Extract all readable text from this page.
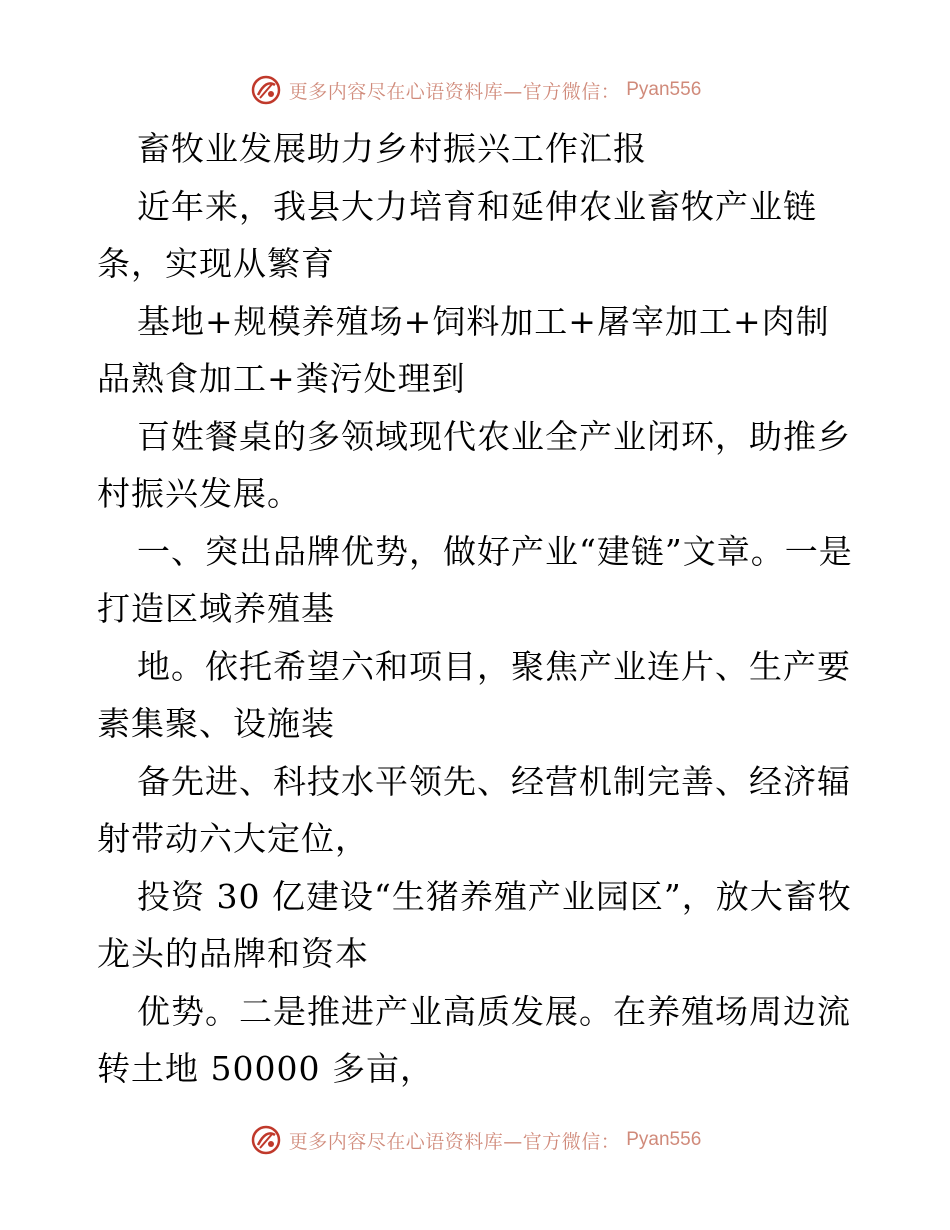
更多内容尽在心语资料库—官方微信： Pyan556

畜牧业发展助力乡村振兴工作汇报

近年来，我县大力培育和延伸农业畜牧产业链条，实现从繁育

基地+规模养殖场+饲料加工+屠宰加工+肉制品熟食加工+粪污处理到

百姓餐桌的多领域现代农业全产业闭环，助推乡村振兴发展。

一、突出品牌优势，做好产业“建链”文章。一是打造区域养殖基

地。依托希望六和项目，聚焦产业连片、生产要素集聚、设施装

备先进、科技水平领先、经营机制完善、经济辐射带动六大定位，

投资 30 亿建设“生猪养殖产业园区”，放大畜牧龙头的品牌和资本

优势。二是推进产业高质发展。在养殖场周边流转土地 50000 多亩，

更多内容尽在心语资料库—官方微信： Pyan556
